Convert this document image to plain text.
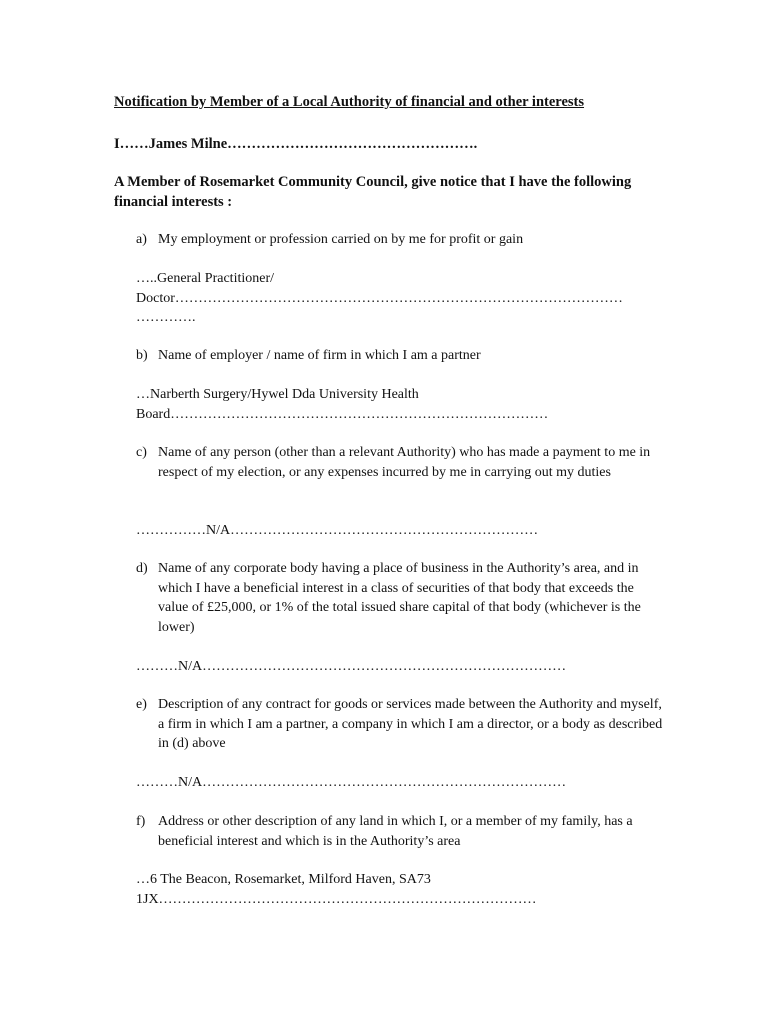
Notification by Member of a Local Authority of financial and other interests
I……James Milne…………………………………………….
A Member of Rosemarket Community Council, give notice that I have the following financial interests :
a) My employment or profession carried on by me for profit or gain
…..General Practitioner/
Doctor……………………………………………………………………………………
………….
b) Name of employer / name of firm in which I am a partner
…Narberth Surgery/Hywel Dda University Health
Board………………………………………………………………………
c) Name of any person (other than a relevant Authority) who has made a payment to me in respect of my election, or any expenses incurred by me in carrying out my duties
……………N/A…………………………………………………………
d) Name of any corporate body having a place of business in the Authority’s area, and in which I have a beneficial interest in a class of securities of that body that exceeds the value of £25,000, or 1% of the total issued share capital of that body (whichever is the lower)
………N/A……………………………………………………………………
e) Description of any contract for goods or services made between the Authority and myself, a firm in which I am a partner, a company in which I am a director, or a body as described in (d) above
………N/A……………………………………………………………………
f) Address or other description of any land in which I, or a member of my family, has a beneficial interest and which is in the Authority’s area
…6 The Beacon, Rosemarket, Milford Haven, SA73
1JX………………………………………………………………………
